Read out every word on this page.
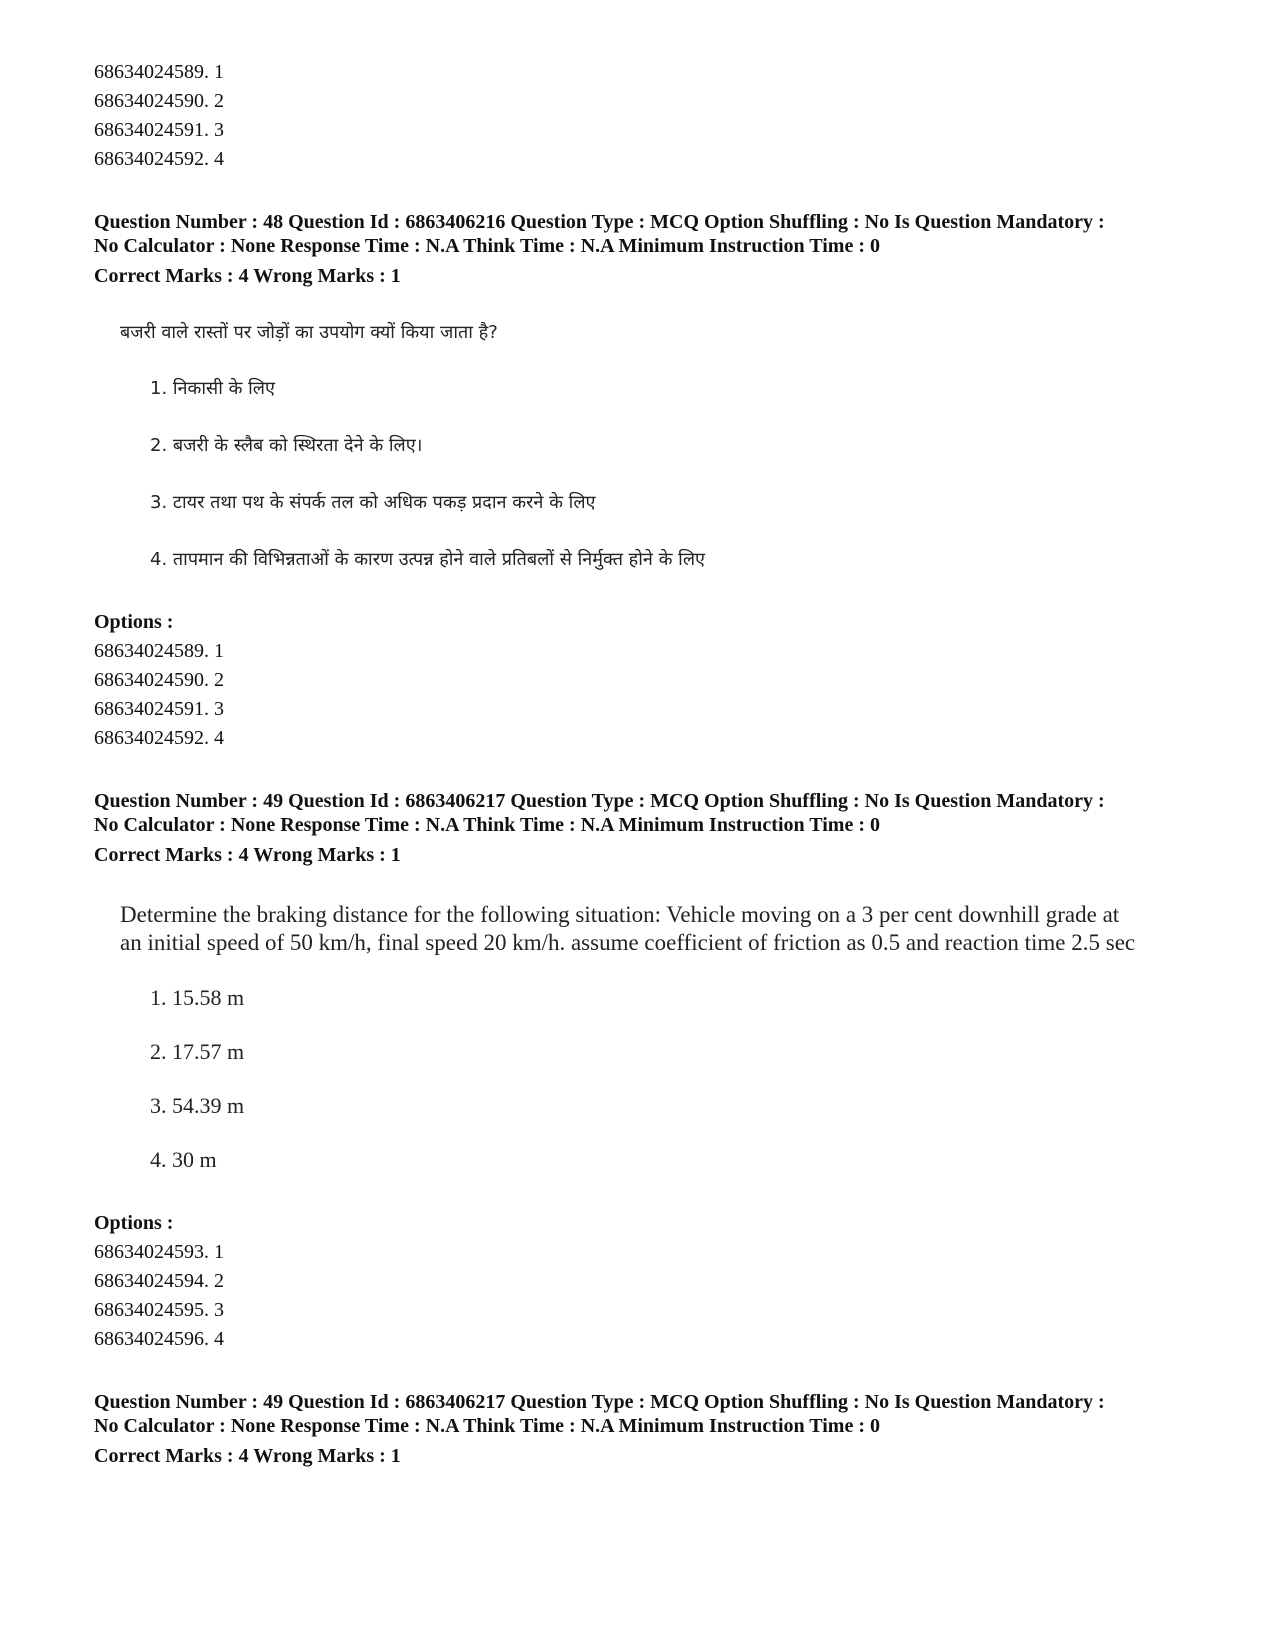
68634024589. 1
68634024590. 2
68634024591. 3
68634024592. 4
Question Number : 48 Question Id : 6863406216 Question Type : MCQ Option Shuffling : No Is Question Mandatory :
No Calculator : None Response Time : N.A Think Time : N.A Minimum Instruction Time : 0
Correct Marks : 4 Wrong Marks : 1
बजरी वाले रास्तों पर जोड़ों का उपयोग क्यों किया जाता है?
1. निकासी के लिए
2. बजरी के स्लैब को स्थिरता देने के लिए।
3. टायर तथा पथ के संपर्क तल को अधिक पकड़ प्रदान करने के लिए
4. तापमान की विभिन्नताओं के कारण उत्पन्न होने वाले प्रतिबलों से निर्मुक्त होने के लिए
Options :
68634024589. 1
68634024590. 2
68634024591. 3
68634024592. 4
Question Number : 49 Question Id : 6863406217 Question Type : MCQ Option Shuffling : No Is Question Mandatory :
No Calculator : None Response Time : N.A Think Time : N.A Minimum Instruction Time : 0
Correct Marks : 4 Wrong Marks : 1
Determine the braking distance for the following situation: Vehicle moving on a 3 per cent downhill grade at
an initial speed of 50 km/h, final speed 20 km/h. assume coefficient of friction as 0.5 and reaction time 2.5 sec
1. 15.58 m
2. 17.57 m
3. 54.39 m
4. 30 m
Options :
68634024593. 1
68634024594. 2
68634024595. 3
68634024596. 4
Question Number : 49 Question Id : 6863406217 Question Type : MCQ Option Shuffling : No Is Question Mandatory :
No Calculator : None Response Time : N.A Think Time : N.A Minimum Instruction Time : 0
Correct Marks : 4 Wrong Marks : 1
